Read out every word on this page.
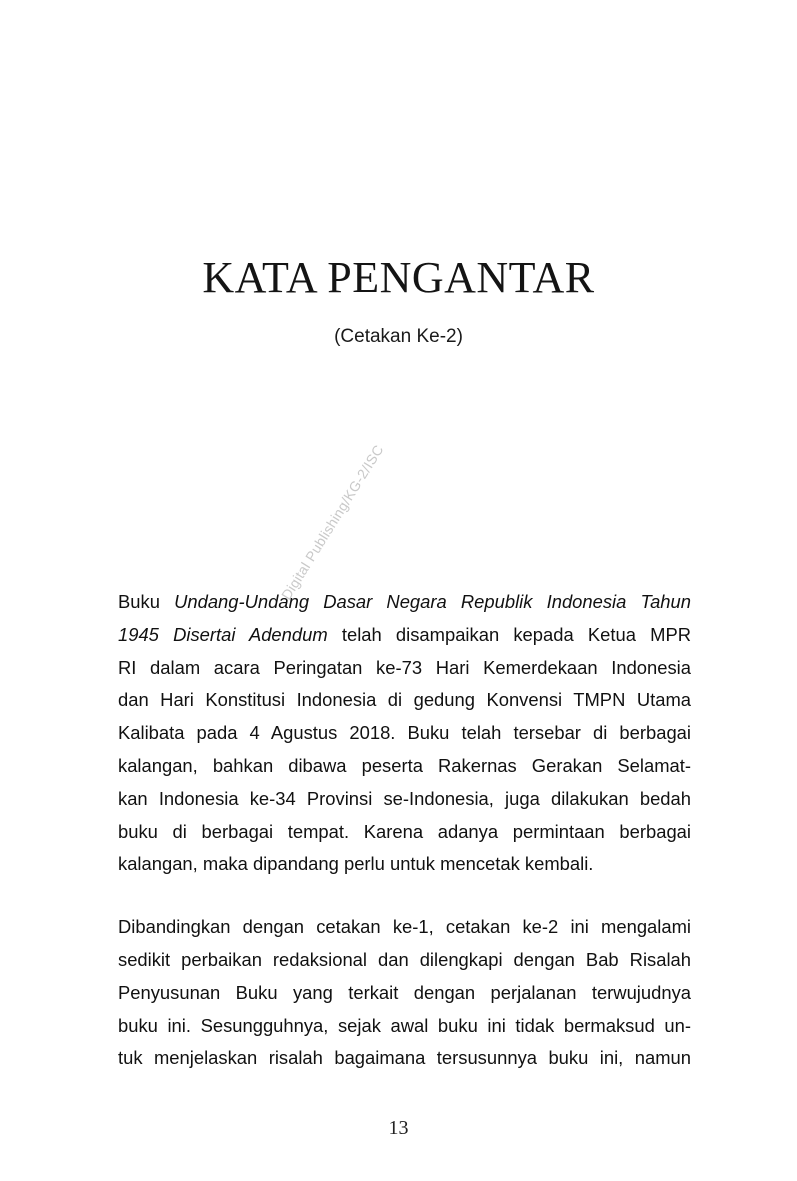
KATA PENGANTAR
(Cetakan Ke-2)
Digital Publishing/KG-2/ISC

Buku Undang-Undang Dasar Negara Republik Indonesia Tahun
1945 Disertai Adendum telah disampaikan kepada Ketua MPR
RI dalam acara Peringatan ke-73 Hari Kemerdekaan Indonesia
dan Hari Konstitusi Indonesia di gedung Konvensi TMPN Utama
Kalibata pada 4 Agustus 2018. Buku telah tersebar di berbagai
kalangan, bahkan dibawa peserta Rakernas Gerakan Selamat-
kan Indonesia ke-34 Provinsi se-Indonesia, juga dilakukan bedah
buku di berbagai tempat. Karena adanya permintaan berbagai
kalangan, maka dipandang perlu untuk mencetak kembali.

Dibandingkan dengan cetakan ke-1, cetakan ke-2 ini mengalami
sedikit perbaikan redaksional dan dilengkapi dengan Bab Risalah
Penyusunan Buku yang terkait dengan perjalanan terwujudnya
buku ini. Sesungguhnya, sejak awal buku ini tidak bermaksud un-
tuk menjelaskan risalah bagaimana tersusunnya buku ini, namun

13
